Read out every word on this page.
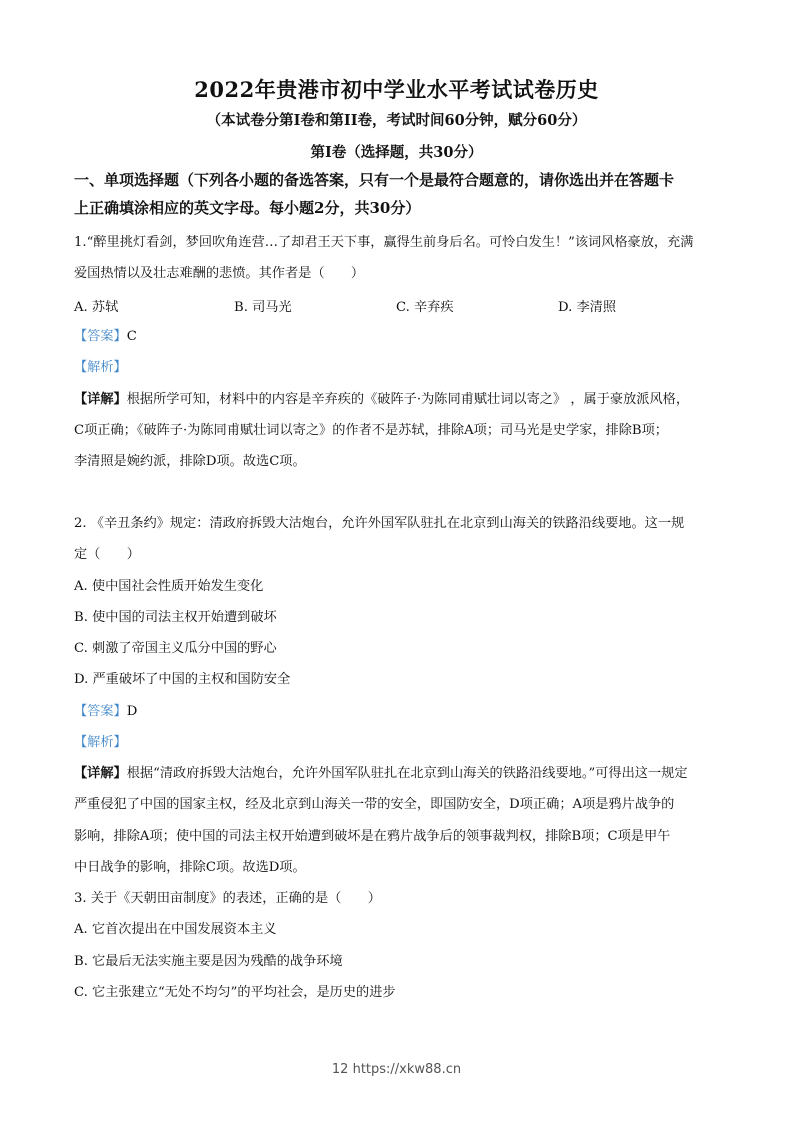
2022年贵港市初中学业水平考试试卷历史
（本试卷分第I卷和第II卷，考试时间60分钟，赋分60分）
第I卷（选择题，共30分）
一、单项选择题（下列各小题的备选答案，只有一个是最符合题意的，请你选出并在答题卡
上正确填涂相应的英文字母。每小题2分，共30分）
1.“醉里挑灯看剑，梦回吹角连营…了却君王天下事，赢得生前身后名。可怜白发生！”该词风格豪放，充满
爱国热情以及壮志难酬的悲愤。其作者是（　　）
A. 苏轼	B. 司马光	C. 辛弃疾	D. 李清照
【答案】C
【解析】
【详解】根据所学可知，材料中的内容是辛弃疾的《破阵子·为陈同甫赋壮词以寄之》 ，属于豪放派风格，
C项正确；《破阵子·为陈同甫赋壮词以寄之》的作者不是苏轼，排除A项；司马光是史学家，排除B项；
李清照是婉约派，排除D项。故选C项。
2. 《辛丑条约》规定：清政府拆毁大沽炮台，允许外国军队驻扎在北京到山海关的铁路沿线要地。这一规
定（　　）
A. 使中国社会性质开始发生变化
B. 使中国的司法主权开始遭到破坏
C. 刺激了帝国主义瓜分中国的野心
D. 严重破坏了中国的主权和国防安全
【答案】D
【解析】
【详解】根据“清政府拆毁大沽炮台，允许外国军队驻扎在北京到山海关的铁路沿线要地。”可得出这一规定
严重侵犯了中国的国家主权，经及北京到山海关一带的安全，即国防安全，D项正确；A项是鸦片战争的
影响，排除A项；使中国的司法主权开始遭到破坏是在鸦片战争后的领事裁判权，排除B项；C项是甲午
中日战争的影响，排除C项。故选D项。
3. 关于《天朝田亩制度》的表述，正确的是（　　）
A. 它首次提出在中国发展资本主义
B. 它最后无法实施主要是因为残酷的战争环境
C. 它主张建立“无处不均匀”的平均社会，是历史的进步
12 https://xkw88.cn
